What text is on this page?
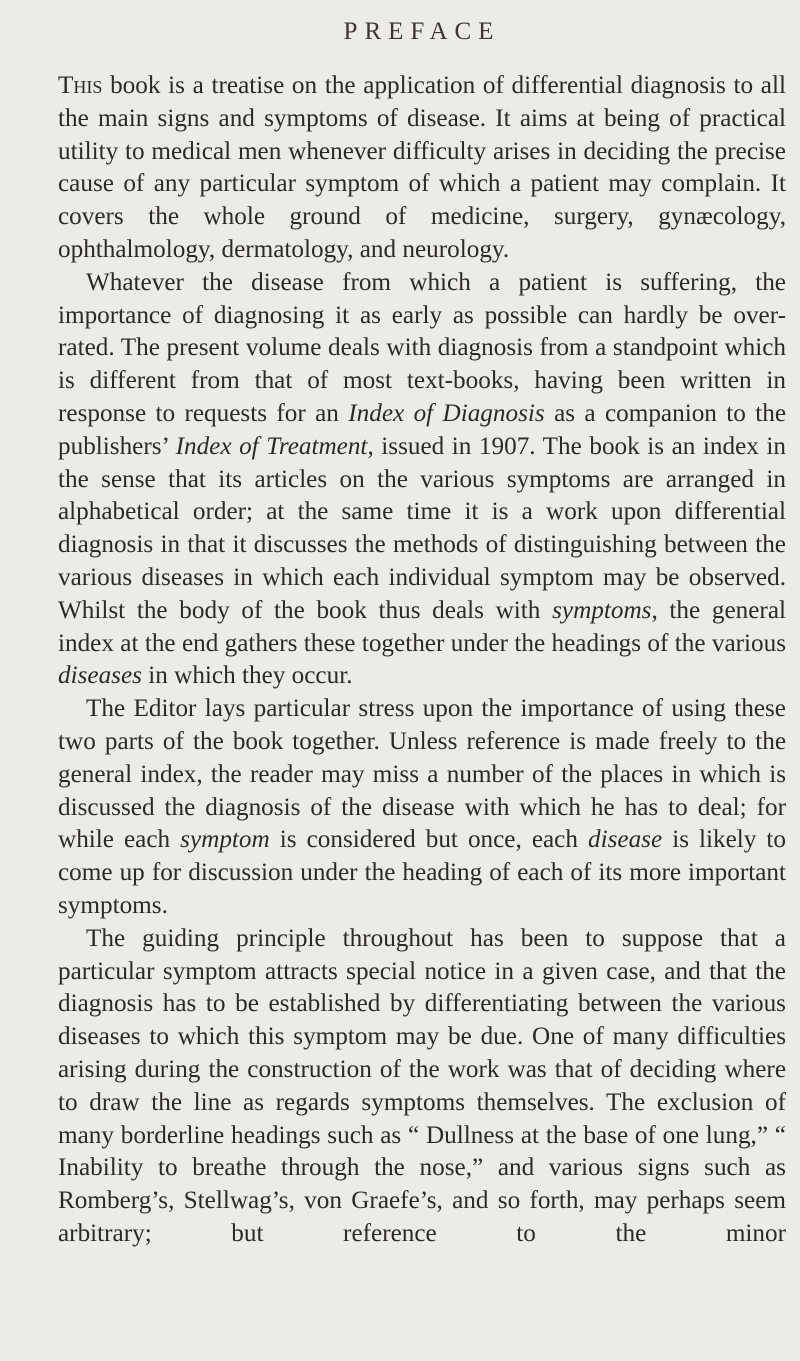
PREFACE

This book is a treatise on the application of differential diagnosis to all the main signs and symptoms of disease. It aims at being of practical utility to medical men whenever difficulty arises in deciding the precise cause of any particular symptom of which a patient may complain. It covers the whole ground of medicine, surgery, gynæcology, ophthalmology, dermatology, and neurology.

Whatever the disease from which a patient is suffering, the importance of diagnosing it as early as possible can hardly be over-rated. The present volume deals with diagnosis from a standpoint which is different from that of most text-books, having been written in response to requests for an Index of Diagnosis as a companion to the publishers’ Index of Treatment, issued in 1907. The book is an index in the sense that its articles on the various symptoms are arranged in alphabetical order; at the same time it is a work upon differential diagnosis in that it discusses the methods of distinguishing between the various diseases in which each individual symptom may be observed. Whilst the body of the book thus deals with symptoms, the general index at the end gathers these together under the headings of the various diseases in which they occur.

The Editor lays particular stress upon the importance of using these two parts of the book together. Unless reference is made freely to the general index, the reader may miss a number of the places in which is discussed the diagnosis of the disease with which he has to deal; for while each symptom is considered but once, each disease is likely to come up for discussion under the heading of each of its more important symptoms.

The guiding principle throughout has been to suppose that a particular symptom attracts special notice in a given case, and that the diagnosis has to be established by differentiating between the various diseases to which this symptom may be due. One of many difficulties arising during the construction of the work was that of deciding where to draw the line as regards symptoms themselves. The exclusion of many borderline headings such as “ Dullness at the base of one lung,” “ Inability to breathe through the nose,” and various signs such as Romberg’s, Stellwag’s, von Graefe’s, and so forth, may perhaps seem arbitrary; but reference to the minor
